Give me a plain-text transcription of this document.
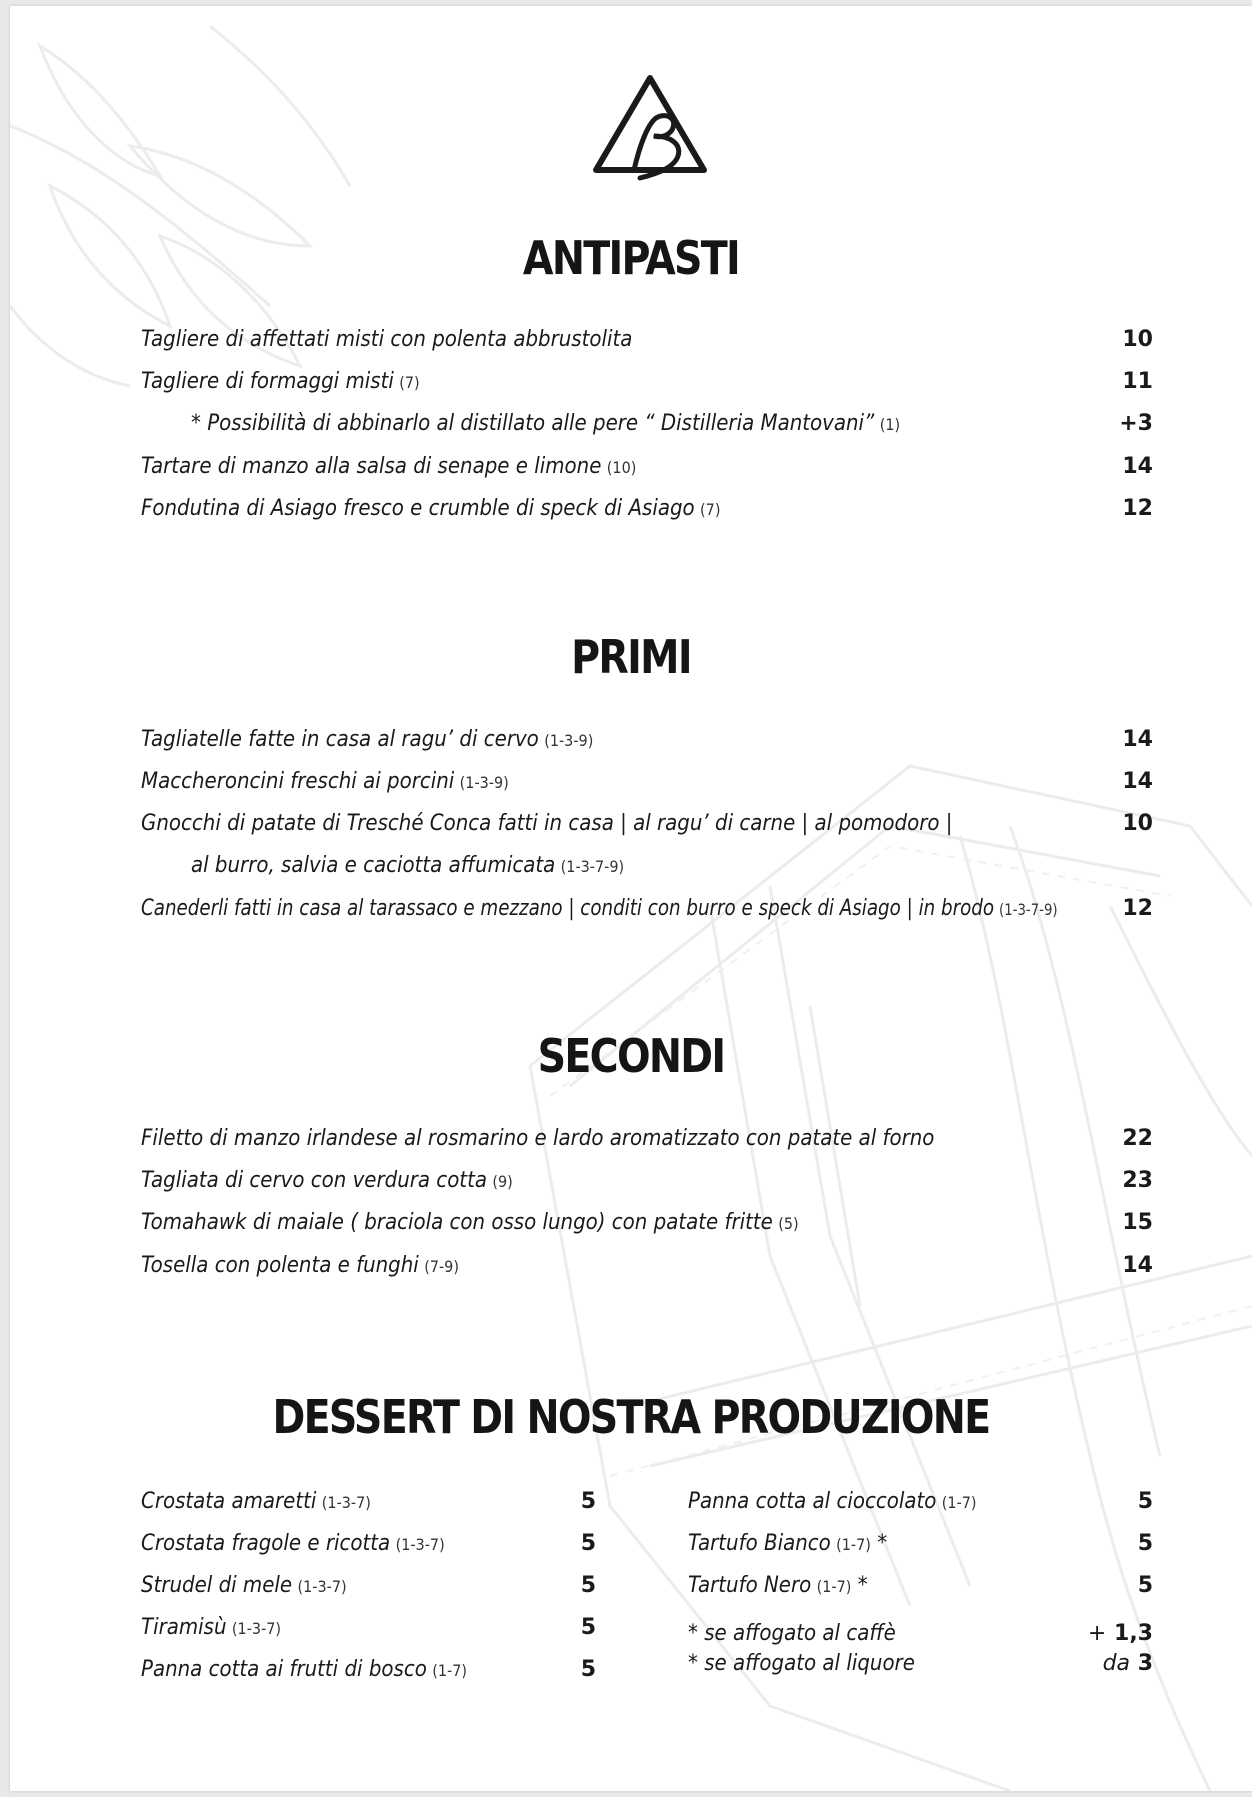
ANTIPASTI
Tagliere di affettati misti con polenta abbrustolita	10
Tagliere di formaggi misti (7)	11
* Possibilità di abbinarlo al distillato alle pere “ Distilleria Mantovani” (1)	+3
Tartare di manzo alla salsa di senape e limone (10)	14
Fondutina di Asiago fresco e crumble di speck di Asiago (7)	12
PRIMI
Tagliatelle fatte in casa al ragu’ di cervo (1-3-9)	14
Maccheroncini freschi ai porcini (1-3-9)	14
Gnocchi di patate di Tresché Conca fatti in casa | al ragu’ di carne | al pomodoro |	10
al burro, salvia e caciotta affumicata (1-3-7-9)
Canederli fatti in casa al tarassaco e mezzano | conditi con burro e speck di Asiago | in brodo (1-3-7-9)	12
SECONDI
Filetto di manzo irlandese al rosmarino e lardo aromatizzato con patate al forno	22
Tagliata di cervo con verdura cotta (9)	23
Tomahawk di maiale ( braciola con osso lungo) con patate fritte (5)	15
Tosella con polenta e funghi (7-9)	14
DESSERT DI NOSTRA PRODUZIONE
Crostata amaretti (1-3-7)	5
Crostata fragole e ricotta (1-3-7)	5
Strudel di mele (1-3-7)	5
Tiramisù (1-3-7)	5
Panna cotta ai frutti di bosco (1-7)	5
Panna cotta al cioccolato (1-7)	5
Tartufo Bianco (1-7) *	5
Tartufo Nero (1-7) *	5
* se affogato al caffè	+ 1,3
* se affogato al liquore	da 3
